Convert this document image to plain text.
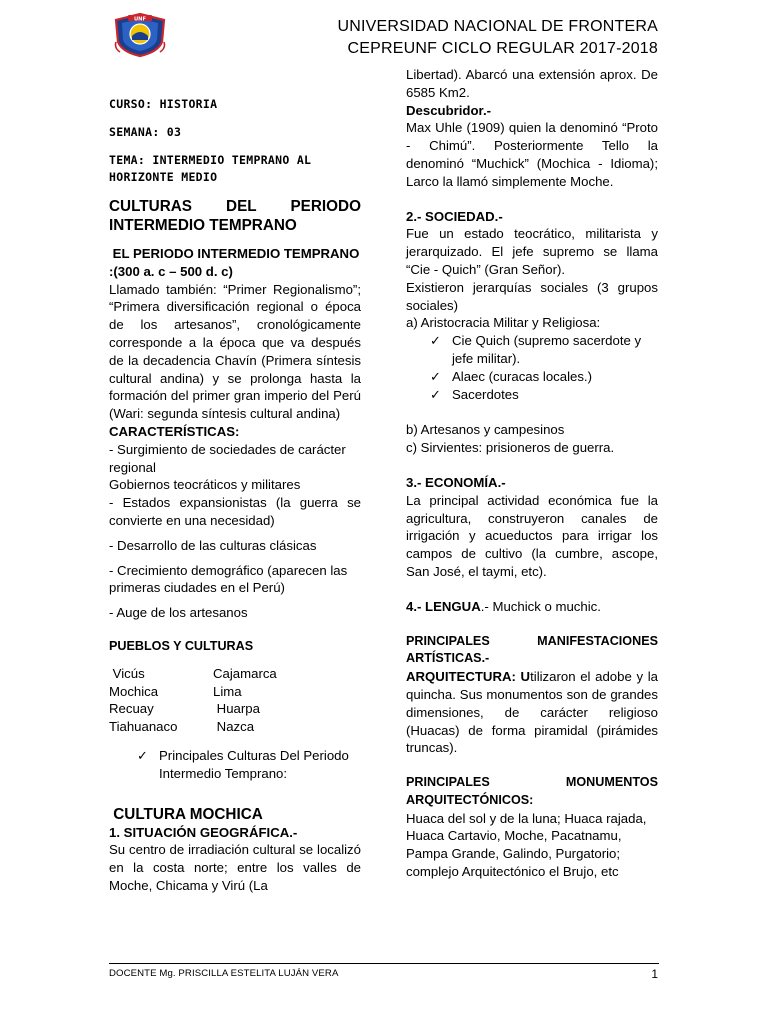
UNF	UNIVERSIDAD NACIONAL DE FRONTERA
CEPREUNF CICLO REGULAR 2017-2018
CURSO: HISTORIA
SEMANA: 03
TEMA: INTERMEDIO TEMPRANO AL
HORIZONTE MEDIO
CULTURAS DEL PERIODO
INTERMEDIO TEMPRANO
EL PERIODO INTERMEDIO TEMPRANO
:(300 a. c – 500 d. c)
Llamado también: “Primer Regionalismo”; “Primera diversificación regional o época de los artesanos”, cronológicamente corresponde a la época que va después de la decadencia Chavín (Primera síntesis cultural andina) y se prolonga hasta la formación del primer gran imperio del Perú (Wari: segunda síntesis cultural andina)
CARACTERÍSTICAS:
- Surgimiento de sociedades de carácter regional
Gobiernos teocráticos y militares
- Estados expansionistas (la guerra se convierte en una necesidad)
- Desarrollo de las culturas clásicas
- Crecimiento demográfico (aparecen las primeras ciudades en el Perú)
- Auge de los artesanos
PUEBLOS Y CULTURAS
Vicús	Cajamarca
Mochica	Lima
Recuay	Huarpa
Tiahuanaco	Nazca
✓ Principales Culturas Del Periodo Intermedio Temprano:
CULTURA MOCHICA
1. SITUACIÓN GEOGRÁFICA.-
Su centro de irradiación cultural se localizó en la costa norte; entre los valles de Moche, Chicama y Virú (La
Libertad). Abarcó una extensión aprox. De 6585 Km2.
Descubridor.-
Max Uhle (1909) quien la denominó “Proto - Chimú”. Posteriormente Tello la denominó “Muchick” (Mochica - Idioma); Larco la llamó simplemente Moche.
2.- SOCIEDAD.-
Fue un estado teocrático, militarista y jerarquizado. El jefe supremo se llama “Cie - Quich” (Gran Señor).
Existieron jerarquías sociales (3 grupos sociales)
a) Aristocracia Militar y Religiosa:
✓ Cie Quich (supremo sacerdote y jefe militar).
✓ Alaec (curacas locales.)
✓ Sacerdotes
b) Artesanos y campesinos
c) Sirvientes: prisioneros de guerra.
3.- ECONOMÍA.-
La principal actividad económica fue la agricultura, construyeron canales de irrigación y acueductos para irrigar los campos de cultivo (la cumbre, ascope, San José, el taymi, etc).
4.- LENGUA.- Muchick o muchic.
PRINCIPALES MANIFESTACIONES ARTÍSTICAS.-
ARQUITECTURA: Utilizaron el adobe y la quincha. Sus monumentos son de grandes dimensiones, de carácter religioso (Huacas) de forma piramidal (pirámides truncas).
PRINCIPALES MONUMENTOS ARQUITECTÓNICOS:
Huaca del sol y de la luna; Huaca rajada, Huaca Cartavio, Moche, Pacatnamu, Pampa Grande, Galindo, Purgatorio; complejo Arquitectónico el Brujo, etc
DOCENTE Mg. PRISCILLA ESTELITA LUJÁN VERA	1
